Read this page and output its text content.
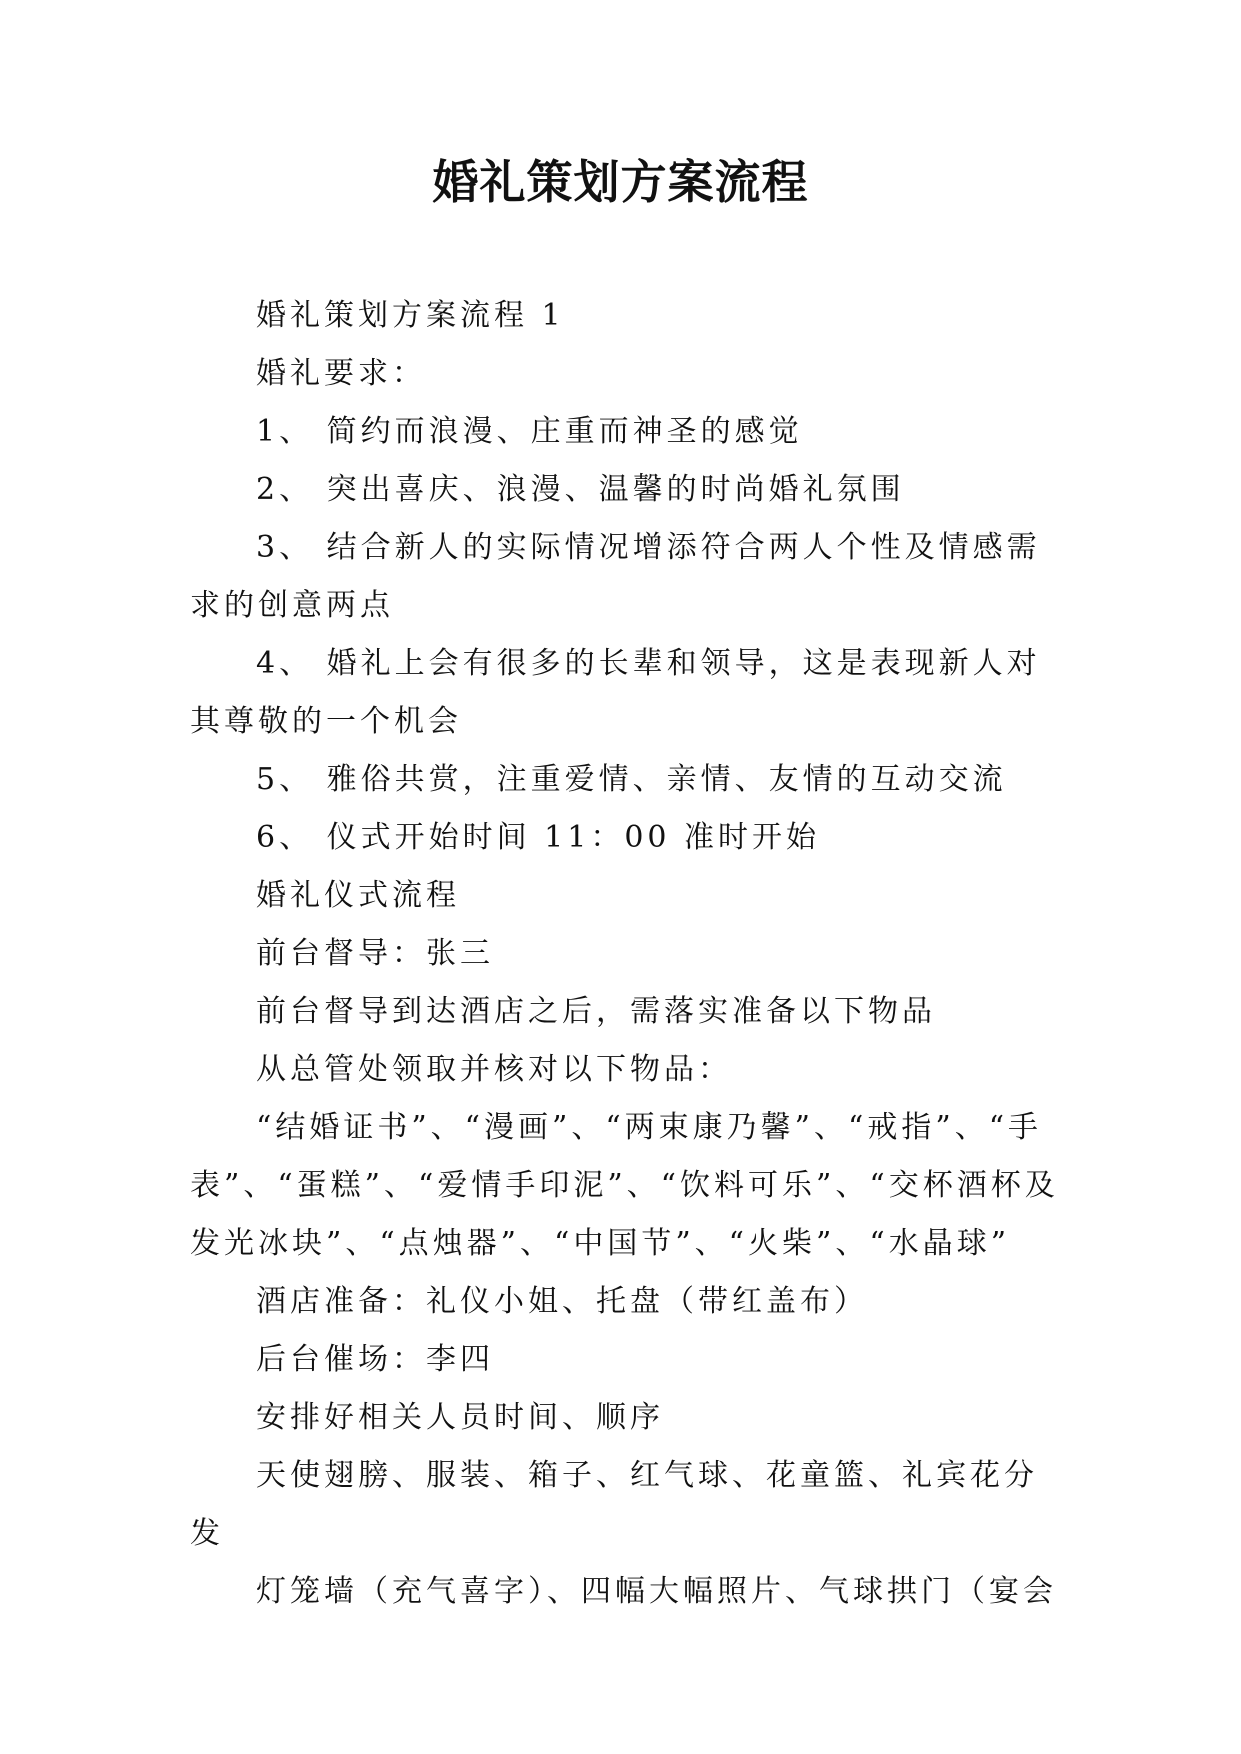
婚礼策划方案流程

婚礼策划方案流程 1

婚礼要求：

1、 简约而浪漫、庄重而神圣的感觉

2、 突出喜庆、浪漫、温馨的时尚婚礼氛围

3、 结合新人的实际情况增添符合两人个性及情感需求的创意两点

4、 婚礼上会有很多的长辈和领导，这是表现新人对其尊敬的一个机会

5、 雅俗共赏，注重爱情、亲情、友情的互动交流

6、 仪式开始时间 11：00 准时开始

婚礼仪式流程

前台督导：张三

前台督导到达酒店之后，需落实准备以下物品

从总管处领取并核对以下物品：

“结婚证书”、“漫画”、“两束康乃馨”、“戒指”、“手表”、“蛋糕”、“爱情手印泥”、“饮料可乐”、“交杯酒杯及发光冰块”、“点烛器”、“中国节”、“火柴”、“水晶球”

酒店准备：礼仪小姐、托盘（带红盖布）

后台催场：李四

安排好相关人员时间、顺序

天使翅膀、服装、箱子、红气球、花童篮、礼宾花分发

灯笼墙（充气喜字）、四幅大幅照片、气球拱门（宴会
